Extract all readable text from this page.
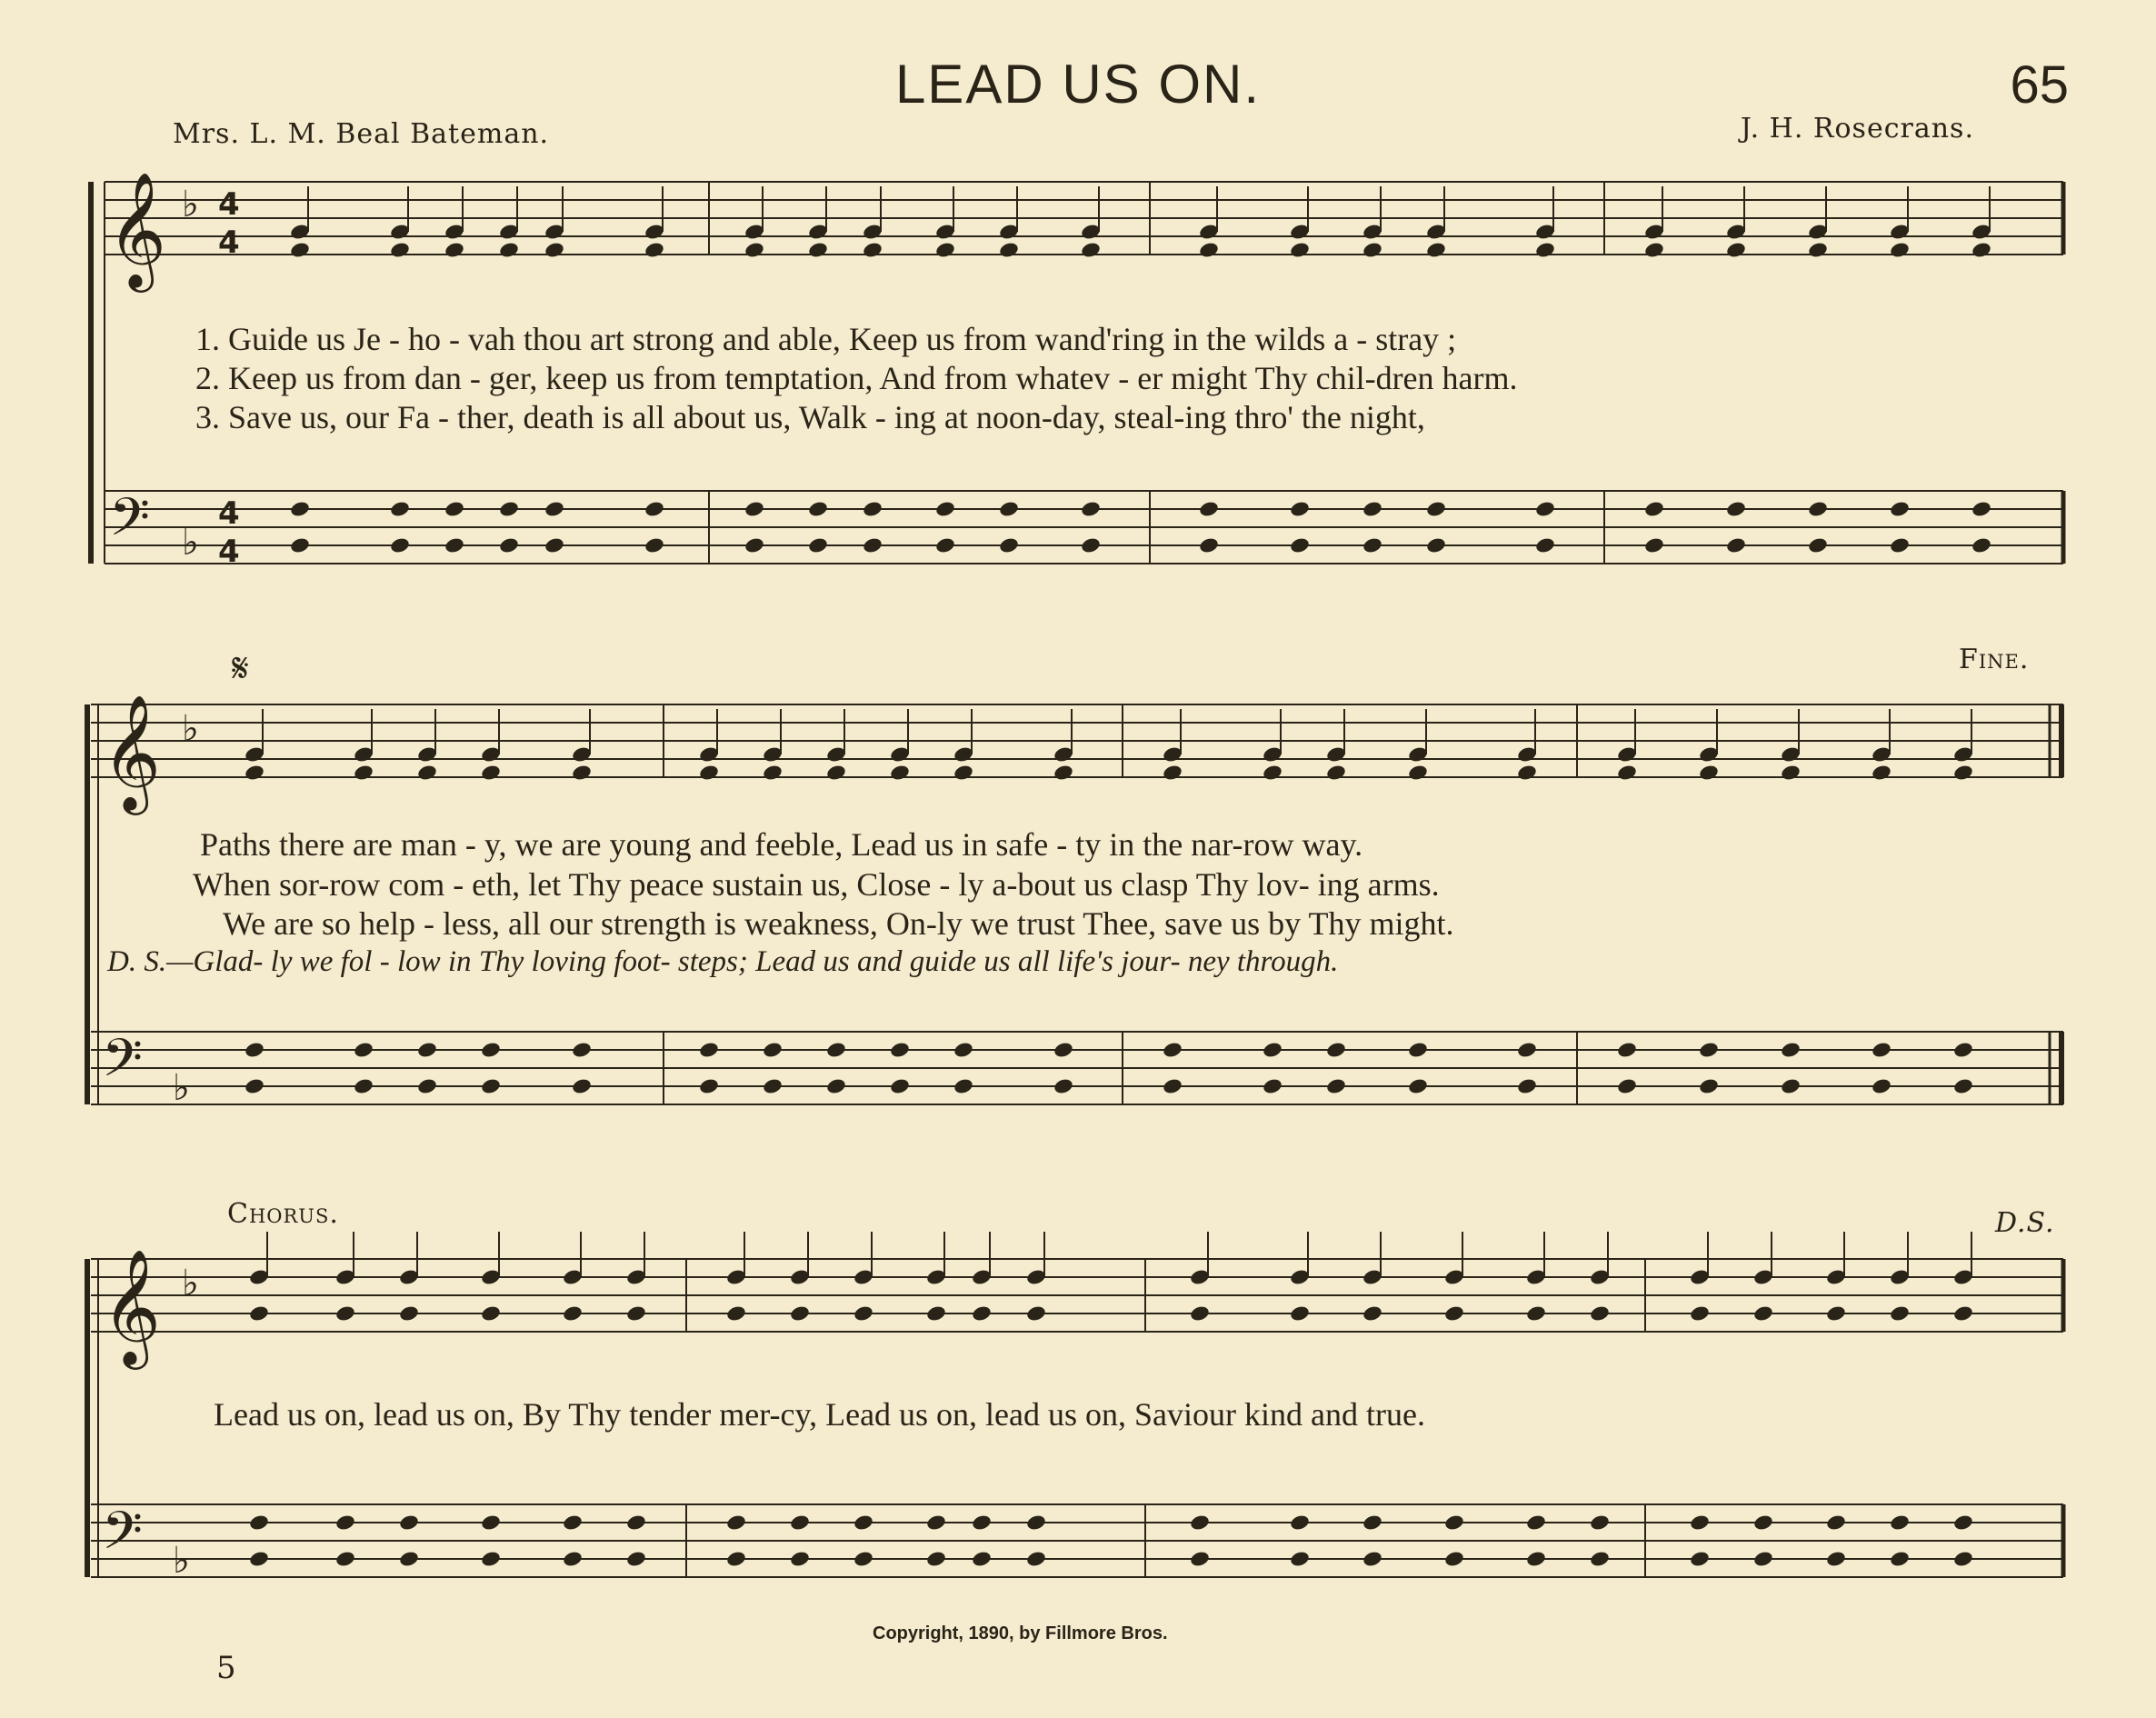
𝄞 ♭ 4
4
𝄢 ♭
4
4
𝄞 ♭
𝄢 ♭
𝄞 ♭
𝄢 ♭
LEAD US ON.	65
Mrs. L. M. Beal Bateman.	J. H. Rosecrans.
1. Guide us Je - ho - vah thou art strong and able, Keep us from wand'ring in the wilds a - stray ;
2. Keep us from dan - ger, keep us from temptation, And from whatev - er might Thy chil-dren harm.
3. Save us, our Fa - ther, death is all about us, Walk - ing at noon-day, steal-ing thro' the night,
𝄋	Fine.
Paths there are man - y, we are young and feeble, Lead us in safe - ty in the nar-row way.
When sor-row com - eth, let Thy peace sustain us, Close - ly a-bout us clasp Thy lov- ing arms.
We are so help - less, all our strength is weakness, On-ly we trust Thee, save us by Thy might.
D. S.—Glad- ly we fol - low in Thy loving foot- steps; Lead us and guide us all life's jour- ney through.
Chorus.	D.S.
Lead us on, lead us on, By Thy tender mer-cy, Lead us on, lead us on, Saviour kind and true.
Copyright, 1890, by Fillmore Bros.
5
